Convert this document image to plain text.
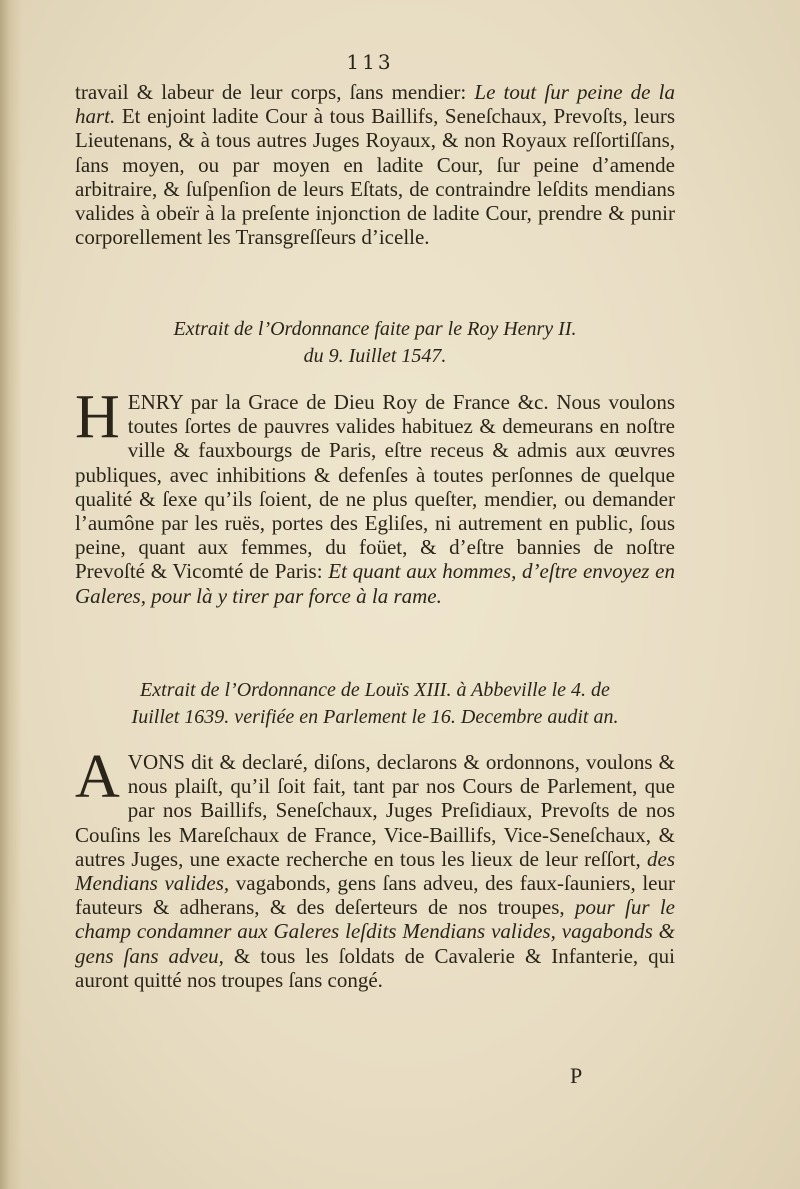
113
travail & labeur de leur corps, ſans mendier: Le tout ſur peine de la hart. Et enjoint ladite Cour à tous Baillifs, Seneſchaux, Prevoſts, leurs Lieutenans, & à tous autres Juges Royaux, & non Royaux reſſortiſſans, ſans moyen, ou par moyen en ladite Cour, ſur peine d’amende arbitraire, & ſuſpenſion de leurs Eſtats, de contraindre leſdits mendians valides à obeïr à la preſente injonction de ladite Cour, prendre & punir corporellement les Transgreſſeurs d’icelle.
Extrait de l’Ordonnance faite par le Roy Henry II.
du 9. Iuillet 1547.
HENRY par la Grace de Dieu Roy de France &c. Nous voulons toutes ſortes de pauvres valides habituez & demeurans en noſtre ville & fauxbourgs de Paris, eſtre receus & admis aux œuvres publiques, avec inhibitions & defenſes à toutes perſonnes de quelque qualité & ſexe qu’ils ſoient, de ne plus queſter, mendier, ou demander l’aumône par les ruës, portes des Egliſes, ni autrement en public, ſous peine, quant aux femmes, du foüet, & d’eſtre bannies de noſtre Prevoſté & Vicomté de Paris: Et quant aux hommes, d’eſtre envoyez en Galeres, pour là y tirer par force à la rame.
Extrait de l’Ordonnance de Louïs XIII. à Abbeville le 4. de
Iuillet 1639. verifiée en Parlement le 16. Decembre audit an.
AVONS dit & declaré, diſons, declarons & ordonnons, voulons & nous plaiſt, qu’il ſoit fait, tant par nos Cours de Parlement, que par nos Baillifs, Seneſchaux, Juges Preſidiaux, Prevoſts de nos Couſins les Mareſchaux de France, Vice-Baillifs, Vice-Seneſchaux, & autres Juges, une exacte recherche en tous les lieux de leur reſſort, des Mendians valides, vagabonds, gens ſans adveu, des faux-ſauniers, leur fauteurs & adherans, & des deſerteurs de nos troupes, pour ſur le champ condamner aux Galeres leſdits Mendians valides, vagabonds & gens ſans adveu, & tous les ſoldats de Cavalerie & Infanterie, qui auront quitté nos troupes ſans congé.
P
